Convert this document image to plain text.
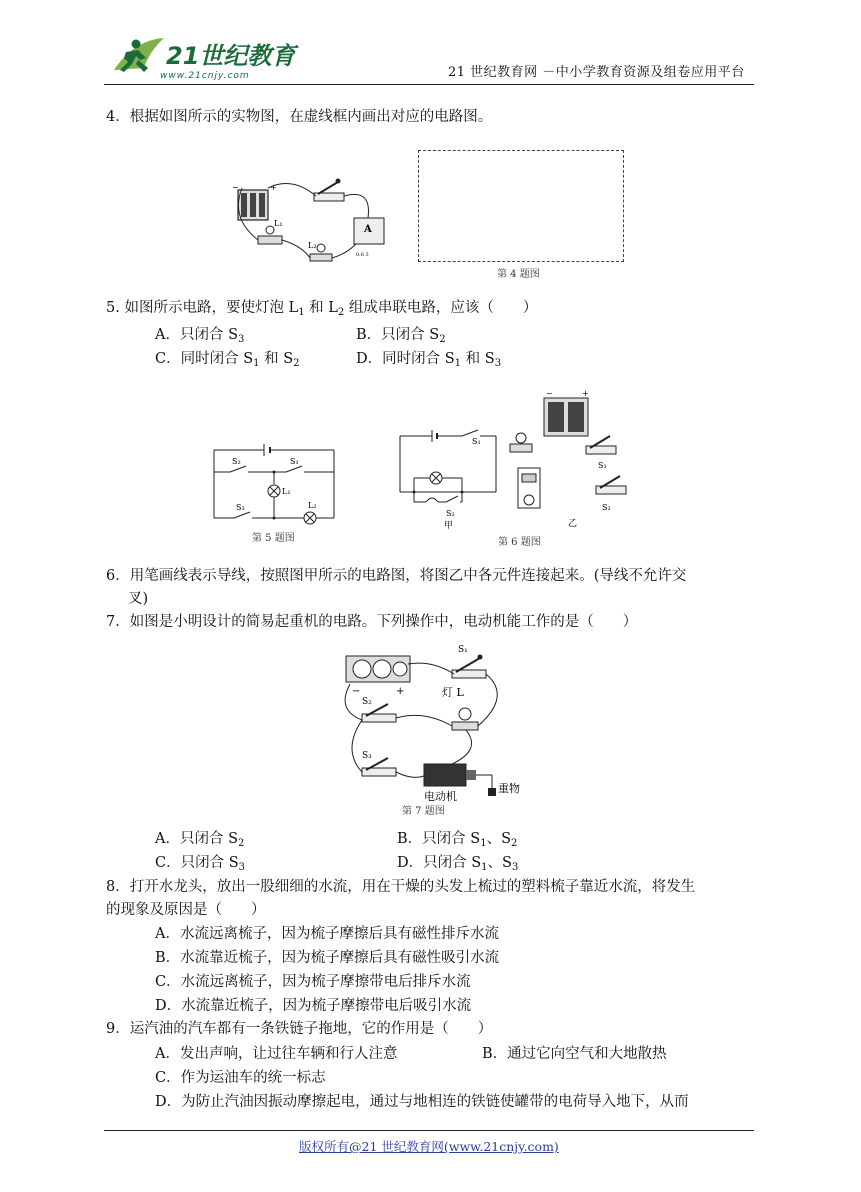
21世纪教育
www.21cnjy.com	21 世纪教育网 －中小学教育资源及组卷应用平台
4．根据如图所示的实物图，在虚线框内画出对应的电路图。
−	+
A
0.6 3
L₁
L₂
第 4 题图
5. 如图所示电路，要使灯泡 $L_1$ 和 $L_2$ 组成串联电路，应该（　　）
A．只闭合 $S_3$	B．只闭合 $S_2$
C．同时闭合 $S_1$ 和 $S_2$	D．同时闭合 $S_1$ 和 $S_3$
S₂	S₁
L₁
S₃	L₂
第 5 题图
S₁
S₂
甲
−	+
S₁
S₂
乙
第 6 题图
6．用笔画线表示导线，按照图甲所示的电路图，将图乙中各元件连接起来。(导线不允许交
叉)
7．如图是小明设计的简易起重机的电路。下列操作中，电动机能工作的是（　　）
−	+
S₁
灯 L
S₂
S₃
电动机
重物
第 7 题图
A．只闭合 $S_2$	B．只闭合 $S_1$、$S_2$
C．只闭合 $S_3$	D．只闭合 $S_1$、$S_3$
8．打开水龙头，放出一股细细的水流，用在干燥的头发上梳过的塑料梳子靠近水流，将发生
的现象及原因是（　　）
A．水流远离梳子，因为梳子摩擦后具有磁性排斥水流
B．水流靠近梳子，因为梳子摩擦后具有磁性吸引水流
C．水流远离梳子，因为梳子摩擦带电后排斥水流
D．水流靠近梳子，因为梳子摩擦带电后吸引水流
9．运汽油的汽车都有一条铁链子拖地，它的作用是（　　）
A．发出声响，让过往车辆和行人注意	B．通过它向空气和大地散热
C．作为运油车的统一标志
D．为防止汽油因振动摩擦起电，通过与地相连的铁链使罐带的电荷导入地下，从而
版权所有@21 世纪教育网(www.21cnjy.com)
